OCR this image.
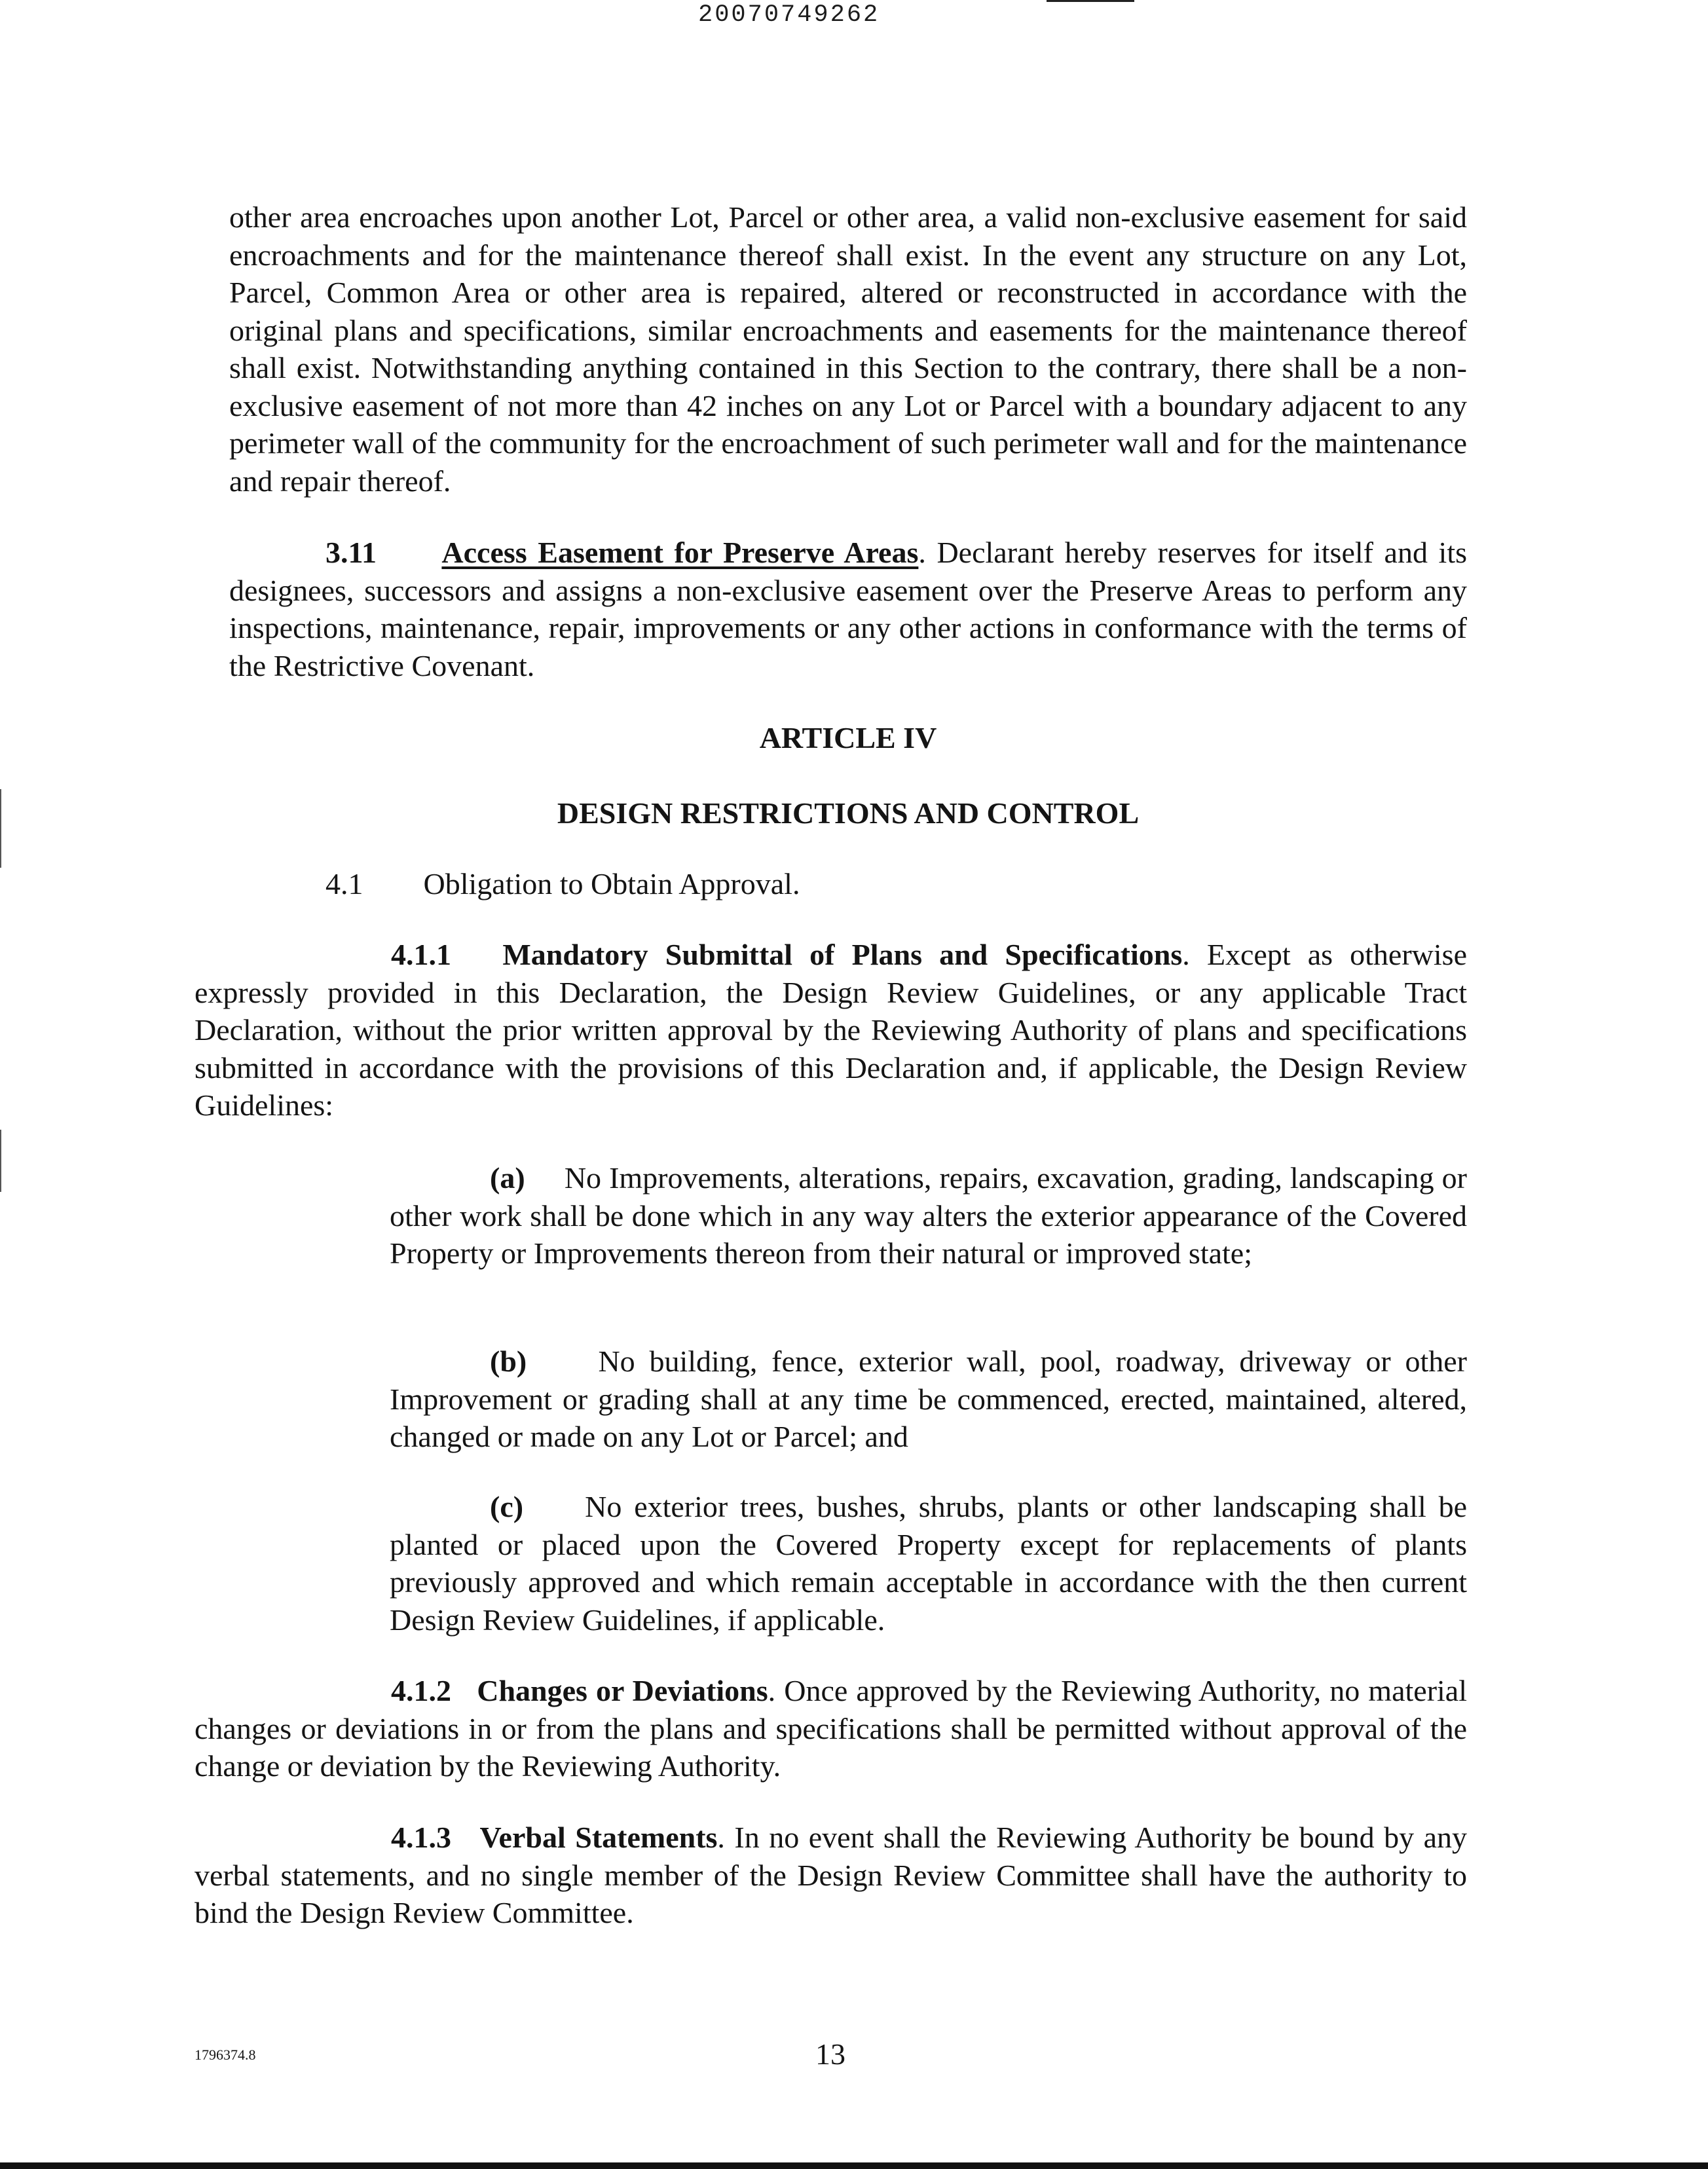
20070749262

other area encroaches upon another Lot, Parcel or other area, a valid non-exclusive easement for said encroachments and for the maintenance thereof shall exist. In the event any structure on any Lot, Parcel, Common Area or other area is repaired, altered or reconstructed in accordance with the original plans and specifications, similar encroachments and easements for the maintenance thereof shall exist. Notwithstanding anything contained in this Section to the contrary, there shall be a non-exclusive easement of not more than 42 inches on any Lot or Parcel with a boundary adjacent to any perimeter wall of the community for the encroachment of such perimeter wall and for the maintenance and repair thereof.

3.11 Access Easement for Preserve Areas. Declarant hereby reserves for itself and its designees, successors and assigns a non-exclusive easement over the Preserve Areas to perform any inspections, maintenance, repair, improvements or any other actions in conformance with the terms of the Restrictive Covenant.

ARTICLE IV

DESIGN RESTRICTIONS AND CONTROL

4.1 Obligation to Obtain Approval.

4.1.1 Mandatory Submittal of Plans and Specifications. Except as otherwise expressly provided in this Declaration, the Design Review Guidelines, or any applicable Tract Declaration, without the prior written approval by the Reviewing Authority of plans and specifications submitted in accordance with the provisions of this Declaration and, if applicable, the Design Review Guidelines:

(a) No Improvements, alterations, repairs, excavation, grading, landscaping or other work shall be done which in any way alters the exterior appearance of the Covered Property or Improvements thereon from their natural or improved state;

(b) No building, fence, exterior wall, pool, roadway, driveway or other Improvement or grading shall at any time be commenced, erected, maintained, altered, changed or made on any Lot or Parcel; and

(c) No exterior trees, bushes, shrubs, plants or other landscaping shall be planted or placed upon the Covered Property except for replacements of plants previously approved and which remain acceptable in accordance with the then current Design Review Guidelines, if applicable.

4.1.2 Changes or Deviations. Once approved by the Reviewing Authority, no material changes or deviations in or from the plans and specifications shall be permitted without approval of the change or deviation by the Reviewing Authority.

4.1.3 Verbal Statements. In no event shall the Reviewing Authority be bound by any verbal statements, and no single member of the Design Review Committee shall have the authority to bind the Design Review Committee.

1796374.8	13
